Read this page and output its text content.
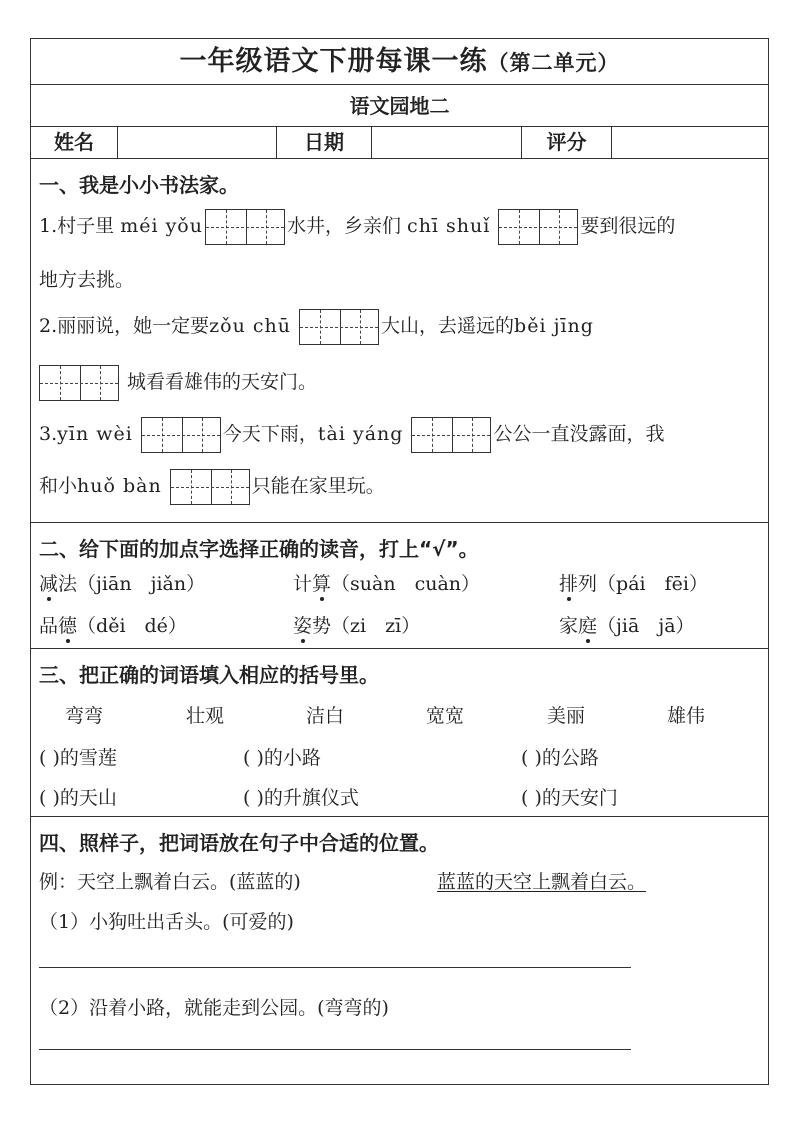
一年级语文下册每课一练（第二单元）
语文园地二
姓名	日期	评分
一、我是小小书法家。
1.村子里 méi yǒu	水井，乡亲们 chī shuǐ	要到很远的
地方去挑。
2.丽丽说，她一定要zǒu chū	大山，去遥远的běi jīng
城看看雄伟的天安门。
3.yīn wèi	今天下雨，tài yáng	公公一直没露面，我
和小huǒ bàn	只能在家里玩。
二、给下面的加点字选择正确的读音，打上“√”。
减法（jiān　jiǎn）	计算（suàn　cuàn）	排列（pái　fēi）
品德（děi　dé）	姿势（zi　zī）	家庭（jiā　jā）
三、把正确的词语填入相应的括号里。
弯弯	壮观	洁白	宽宽	美丽	雄伟
( )的雪莲	( )的小路	( )的公路
( )的天山	( )的升旗仪式	( )的天安门
四、照样子，把词语放在句子中合适的位置。
例：天空上飘着白云。(蓝蓝的)	蓝蓝的天空上飘着白云。
（1）小狗吐出舌头。(可爱的)
（2）沿着小路，就能走到公园。(弯弯的)
